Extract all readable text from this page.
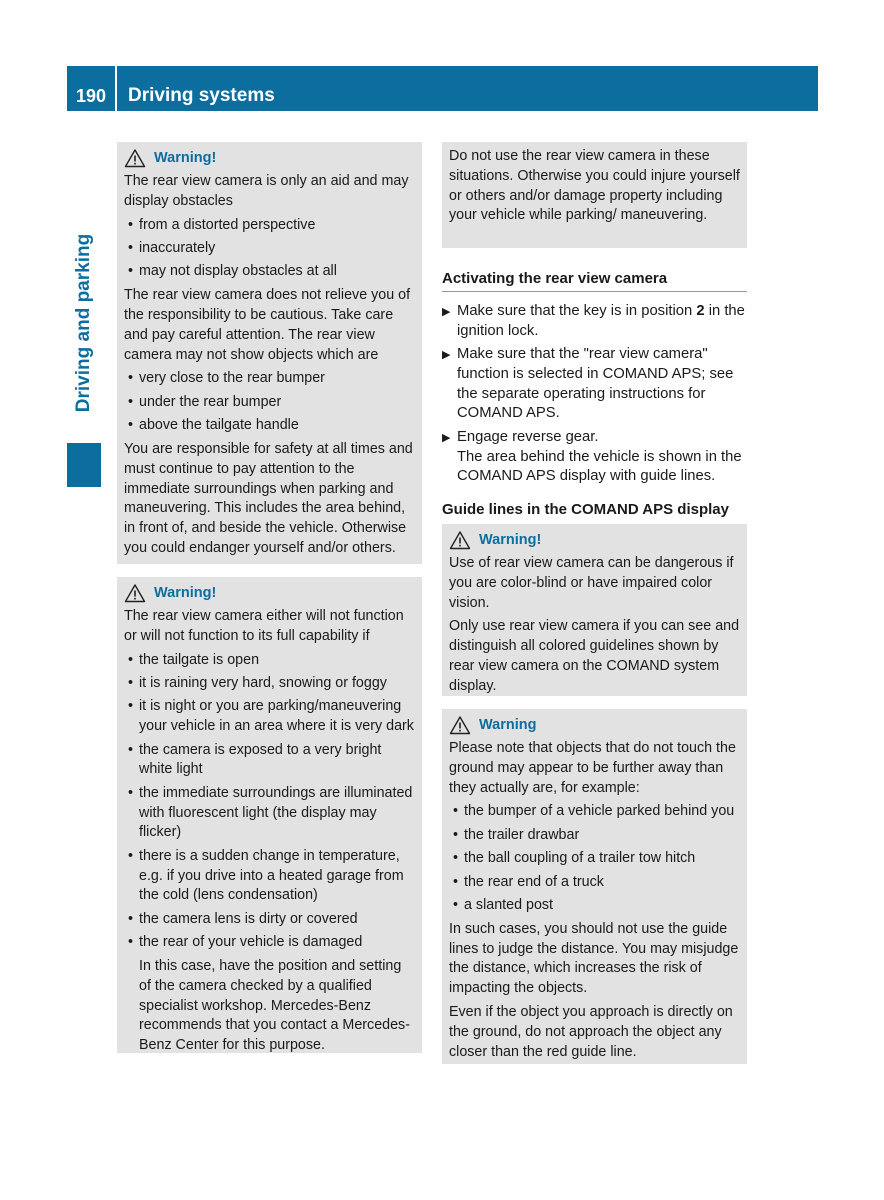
190	Driving systems
Driving and parking
Warning!

The rear view camera is only an aid and may display obstacles

• from a distorted perspective
• inaccurately
• may not display obstacles at all

The rear view camera does not relieve you of the responsibility to be cautious. Take care and pay careful attention. The rear view camera may not show objects which are

• very close to the rear bumper
• under the rear bumper
• above the tailgate handle

You are responsible for safety at all times and must continue to pay attention to the immediate surroundings when parking and maneuvering. This includes the area behind, in front of, and beside the vehicle. Otherwise you could endanger yourself and/or others.

Warning!

The rear view camera either will not function or will not function to its full capability if

• the tailgate is open
• it is raining very hard, snowing or foggy
• it is night or you are parking/maneuvering your vehicle in an area where it is very dark
• the camera is exposed to a very bright white light
• the immediate surroundings are illuminated with fluorescent light (the display may flicker)
• there is a sudden change in temperature, e.g. if you drive into a heated garage from the cold (lens condensation)
• the camera lens is dirty or covered
• the rear of your vehicle is damaged

In this case, have the position and setting of the camera checked by a qualified specialist workshop. Mercedes-Benz recommends that you contact a Mercedes-Benz Center for this purpose.

Do not use the rear view camera in these situations. Otherwise you could injure yourself or others and/or damage property including your vehicle while parking/ maneuvering.

Activating the rear view camera
▶ Make sure that the key is in position 2 in the ignition lock.
▶ Make sure that the "rear view camera" function is selected in COMAND APS; see the separate operating instructions for COMAND APS.
▶ Engage reverse gear.
The area behind the vehicle is shown in the COMAND APS display with guide lines.
Guide lines in the COMAND APS display
Warning!

Use of rear view camera can be dangerous if you are color-blind or have impaired color vision.

Only use rear view camera if you can see and distinguish all colored guidelines shown by rear view camera on the COMAND system display.

Warning

Please note that objects that do not touch the ground may appear to be further away than they actually are, for example:

• the bumper of a vehicle parked behind you
• the trailer drawbar
• the ball coupling of a trailer tow hitch
• the rear end of a truck
• a slanted post

In such cases, you should not use the guide lines to judge the distance. You may misjudge the distance, which increases the risk of impacting the objects.

Even if the object you approach is directly on the ground, do not approach the object any closer than the red guide line.
